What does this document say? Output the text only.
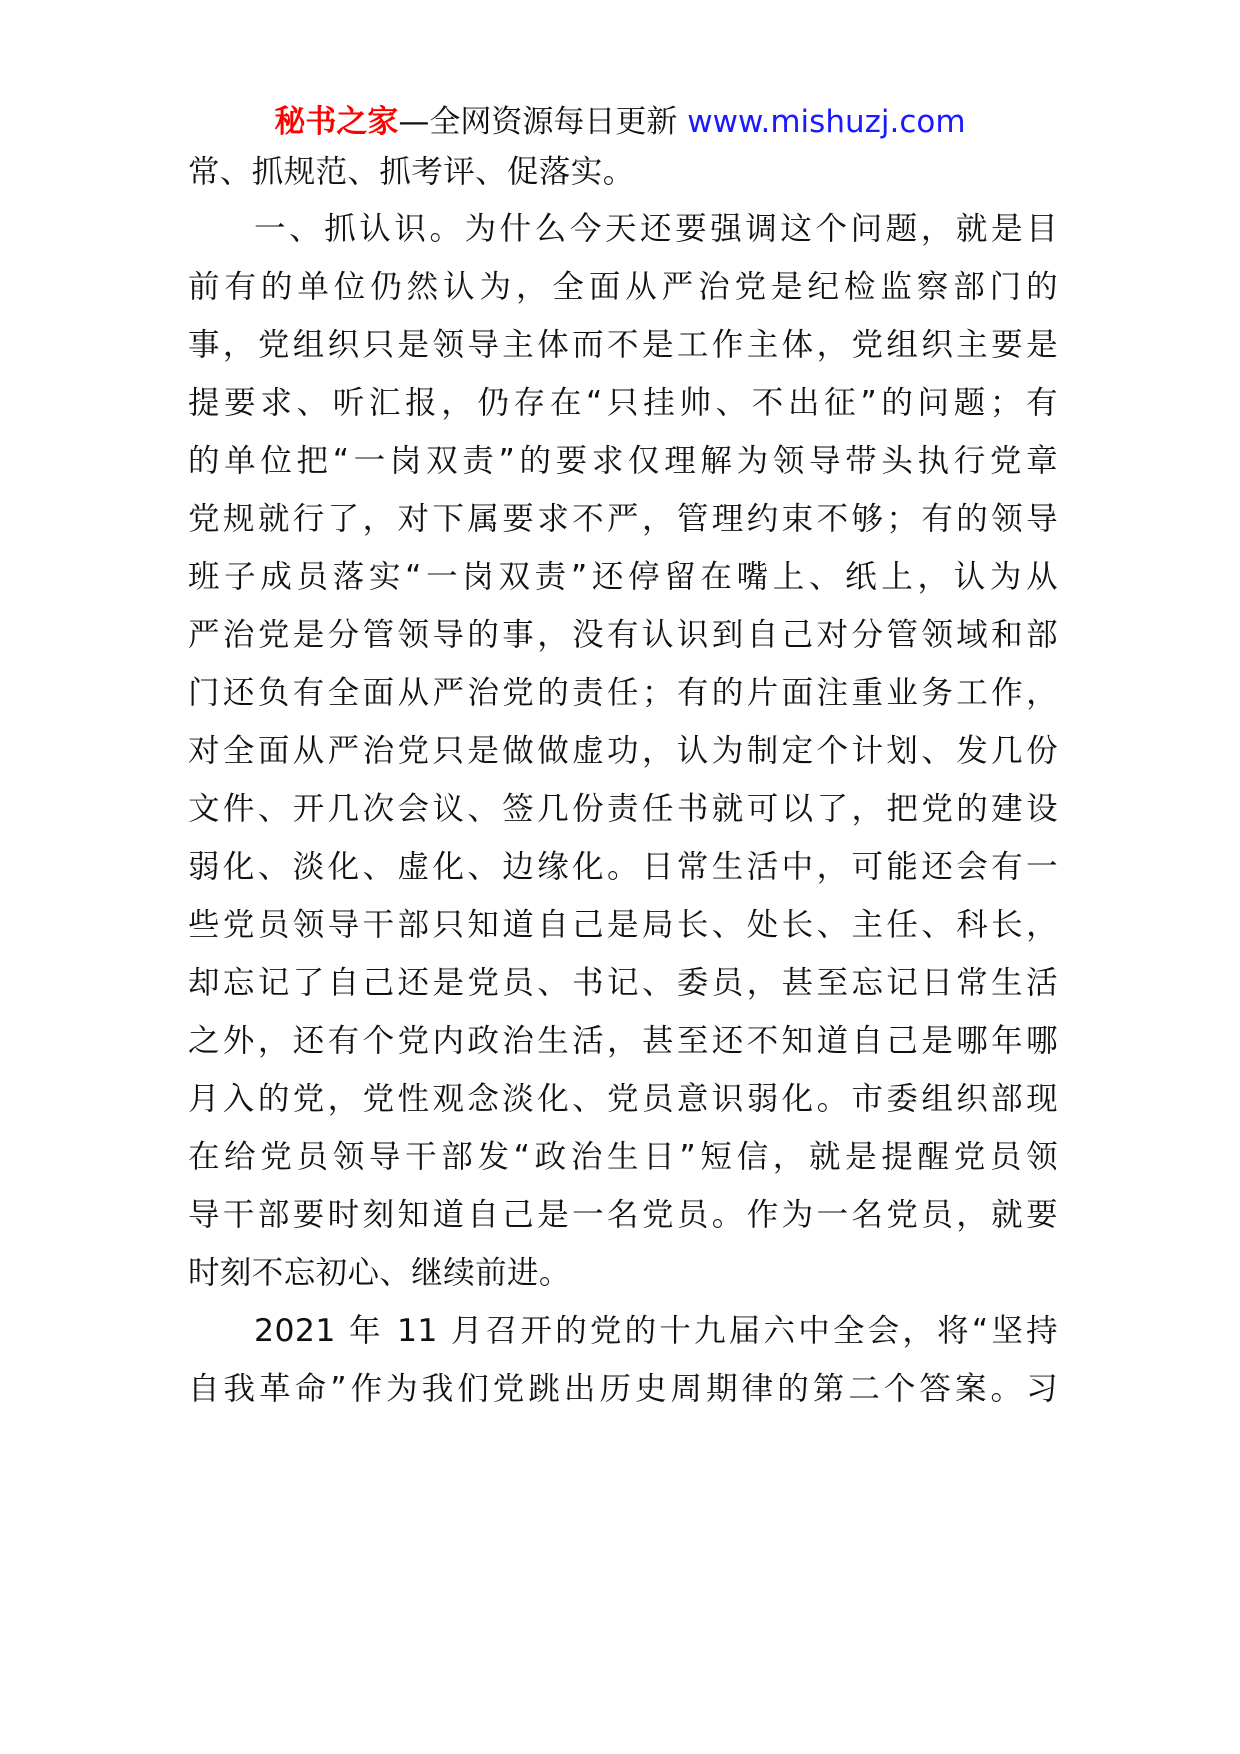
秘书之家—全网资源每日更新 www.mishuzj.com
常、抓规范、抓考评、促落实。
一、抓认识。为什么今天还要强调这个问题，就是目
前有的单位仍然认为，全面从严治党是纪检监察部门的
事，党组织只是领导主体而不是工作主体，党组织主要是
提要求、听汇报，仍存在“只挂帅、不出征”的问题；有
的单位把“一岗双责”的要求仅理解为领导带头执行党章
党规就行了，对下属要求不严，管理约束不够；有的领导
班子成员落实“一岗双责”还停留在嘴上、纸上，认为从
严治党是分管领导的事，没有认识到自己对分管领域和部
门还负有全面从严治党的责任；有的片面注重业务工作，
对全面从严治党只是做做虚功，认为制定个计划、发几份
文件、开几次会议、签几份责任书就可以了，把党的建设
弱化、淡化、虚化、边缘化。日常生活中，可能还会有一
些党员领导干部只知道自己是局长、处长、主任、科长，
却忘记了自己还是党员、书记、委员，甚至忘记日常生活
之外，还有个党内政治生活，甚至还不知道自己是哪年哪
月入的党，党性观念淡化、党员意识弱化。市委组织部现
在给党员领导干部发“政治生日”短信，就是提醒党员领
导干部要时刻知道自己是一名党员。作为一名党员，就要
时刻不忘初心、继续前进。
2021 年 11 月召开的党的十九届六中全会，将“坚持
自我革命”作为我们党跳出历史周期律的第二个答案。习
